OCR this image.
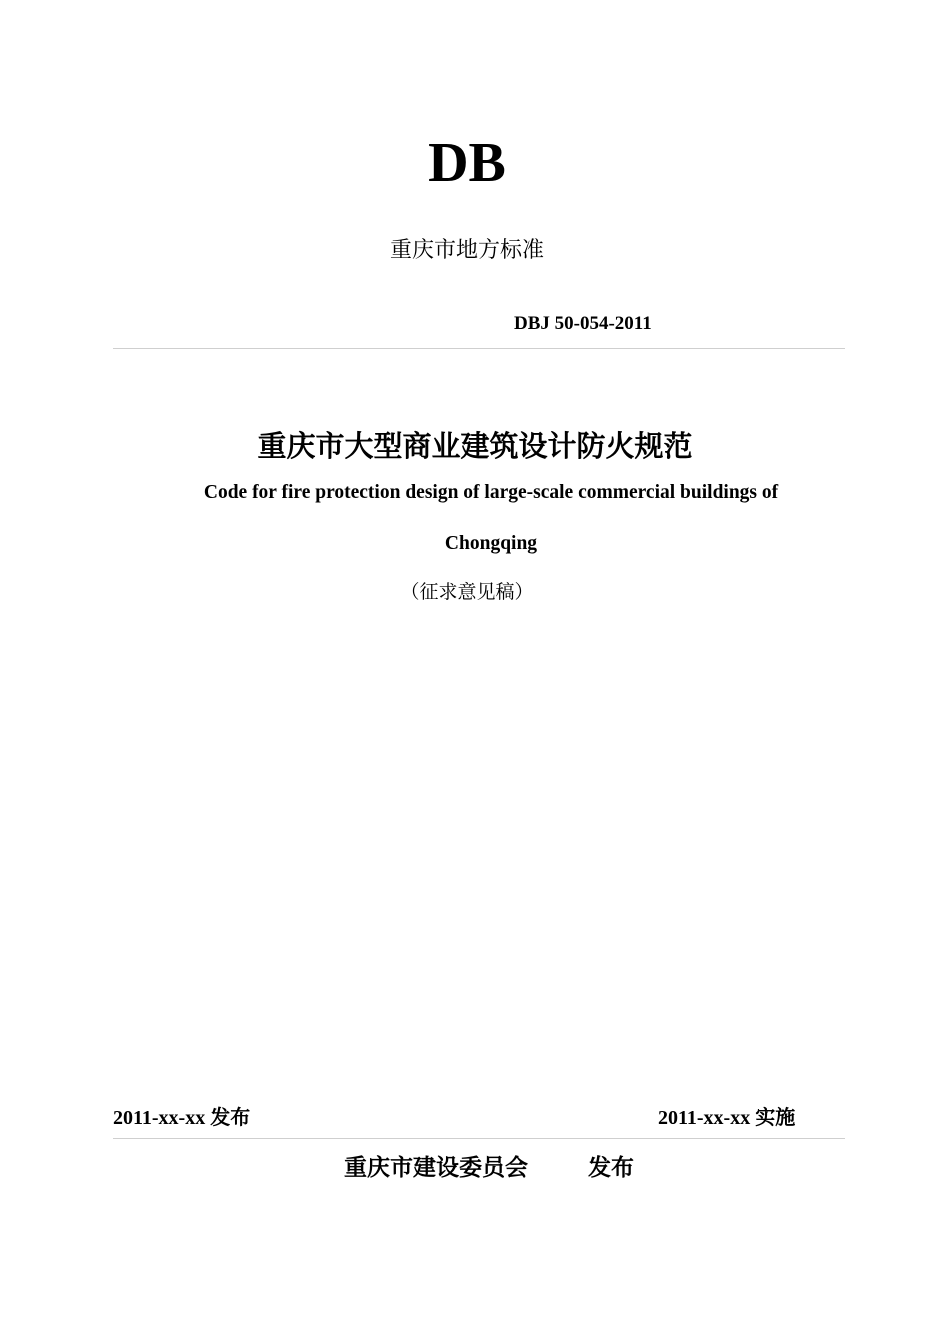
DB
重庆市地方标准
DBJ 50-054-2011
重庆市大型商业建筑设计防火规范
Code for fire protection design of large-scale commercial buildings of
Chongqing
（征求意见稿）
2011-xx-xx 发布	2011-xx-xx 实施
重庆市建设委员会	发布
